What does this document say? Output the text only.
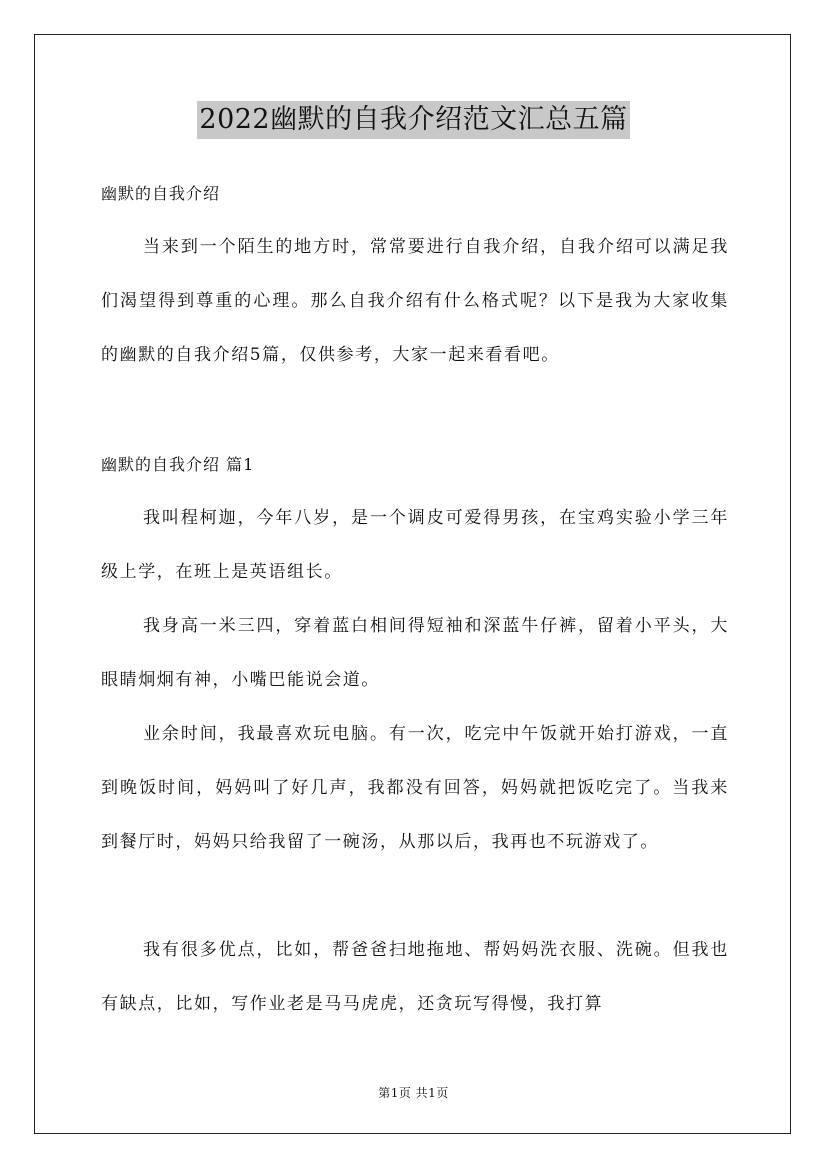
2022幽默的自我介绍范文汇总五篇
幽默的自我介绍

当来到一个陌生的地方时，常常要进行自我介绍，自我介绍可以满足我们渴望得到尊重的心理。那么自我介绍有什么格式呢？以下是我为大家收集的幽默的自我介绍5篇，仅供参考，大家一起来看看吧。

幽默的自我介绍 篇1

我叫程柯迦，今年八岁，是一个调皮可爱得男孩，在宝鸡实验小学三年级上学，在班上是英语组长。

我身高一米三四，穿着蓝白相间得短袖和深蓝牛仔裤，留着小平头，大眼睛炯炯有神，小嘴巴能说会道。

业余时间，我最喜欢玩电脑。有一次，吃完中午饭就开始打游戏，一直到晚饭时间，妈妈叫了好几声，我都没有回答，妈妈就把饭吃完了。当我来到餐厅时，妈妈只给我留了一碗汤，从那以后，我再也不玩游戏了。

我有很多优点，比如，帮爸爸扫地拖地、帮妈妈洗衣服、洗碗。但我也有缺点，比如，写作业老是马马虎虎，还贪玩写得慢，我打算

第1页 共1页
